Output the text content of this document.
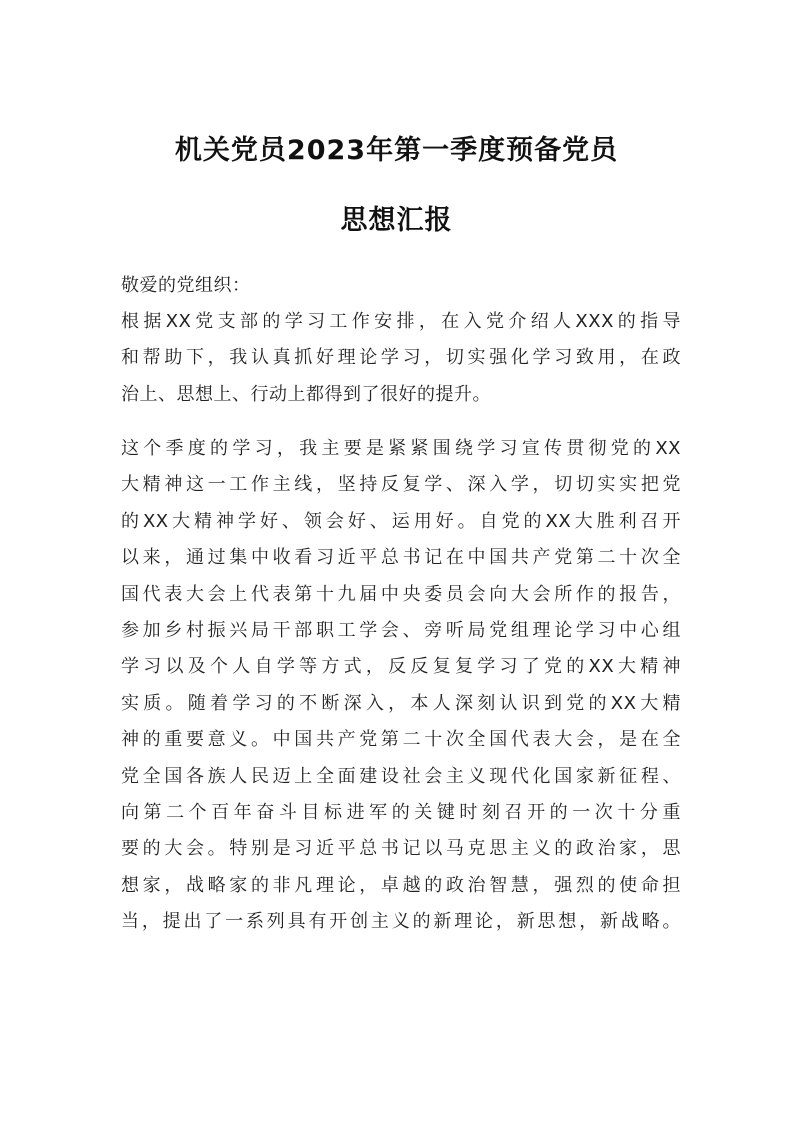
机关党员2023年第一季度预备党员
思想汇报
敬爱的党组织：
根据XX党支部的学习工作安排，在入党介绍人XXX的指导
和帮助下，我认真抓好理论学习，切实强化学习致用，在政
治上、思想上、行动上都得到了很好的提升。
这个季度的学习，我主要是紧紧围绕学习宣传贯彻党的XX
大精神这一工作主线，坚持反复学、深入学，切切实实把党
的XX大精神学好、领会好、运用好。自党的XX大胜利召开
以来，通过集中收看习近平总书记在中国共产党第二十次全
国代表大会上代表第十九届中央委员会向大会所作的报告，
参加乡村振兴局干部职工学会、旁听局党组理论学习中心组
学习以及个人自学等方式，反反复复学习了党的XX大精神
实质。随着学习的不断深入，本人深刻认识到党的XX大精
神的重要意义。中国共产党第二十次全国代表大会，是在全
党全国各族人民迈上全面建设社会主义现代化国家新征程、
向第二个百年奋斗目标进军的关键时刻召开的一次十分重
要的大会。特别是习近平总书记以马克思主义的政治家，思
想家，战略家的非凡理论，卓越的政治智慧，强烈的使命担
当，提出了一系列具有开创主义的新理论，新思想，新战略。
